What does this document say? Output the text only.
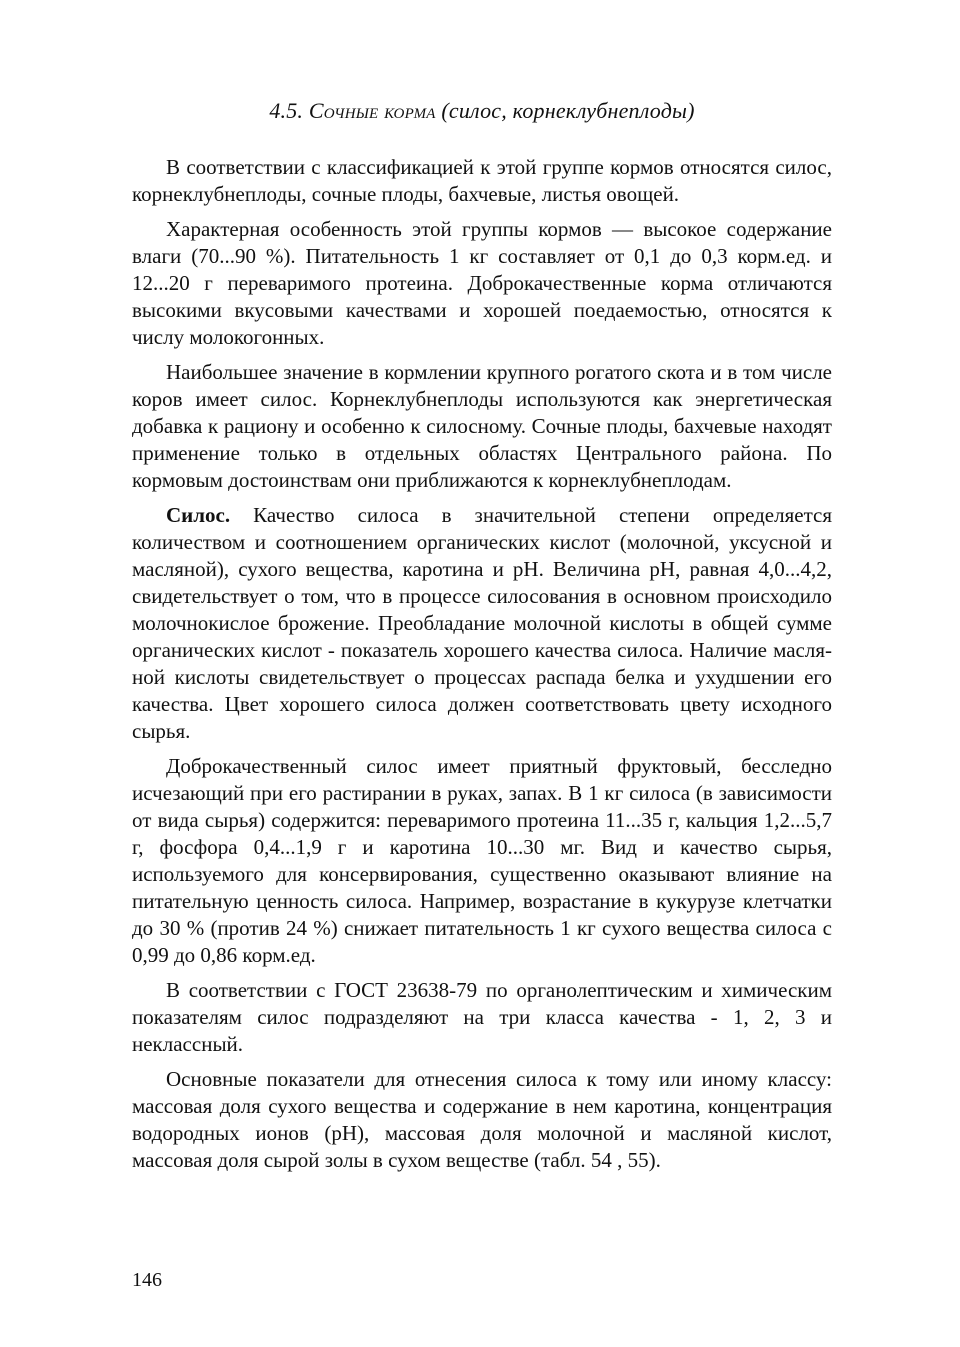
4.5. Сочные корма (силос, корнеклубнеплоды)

В соответствии с классификацией к этой группе кормов относятся силос, корнеклубнеплоды, сочные плоды, бахчевые, листья овощей.

Характерная особенность этой группы кормов — высокое содержание влаги (70...90 %). Питательность 1 кг составляет от 0,1 до 0,3 корм.ед. и 12...20 г переваримого протеина. Доброкачественные корма отличаются высокими вкусовыми качествами и хорошей поедаемостью, относятся к числу молокогонных.

Наибольшее значение в кормлении крупного рогатого скота и в том числе коров имеет силос. Корнеклубнеплоды используются как энергетическая добавка к рациону и особенно к силосному. Сочные плоды, бахчевые находят применение только в отдельных областях Центрального района. По кормовым достоинствам они приближаются к корнеклубнеплодам.

Силос. Качество силоса в значительной степени определяется количеством и соотношением органических кислот (молочной, уксусной и масляной), сухого вещества, каротина и pH. Величина pH, равная 4,0...4,2, свидетельствует о том, что в процессе силосования в основном происходило молочнокислое брожение. Преобладание молочной кислоты в общей сумме органических кислот - показатель хорошего качества силоса. Наличие масляной кислоты свидетельствует о процессах распада белка и ухудшении его качества. Цвет хорошего силоса должен соответствовать цвету исходного сырья.

Доброкачественный силос имеет приятный фруктовый, бесследно исчезающий при его растирании в руках, запах. В 1 кг силоса (в зависимости от вида сырья) содержится: переваримого протеина 11...35 г, кальция 1,2...5,7 г, фосфора 0,4...1,9 г и каротина 10...30 мг. Вид и качество сырья, используемого для консервирования, существенно оказывают влияние на питательную ценность силоса. Например, возрастание в кукурузе клетчатки до 30 % (против 24 %) снижает питательность 1 кг сухого вещества силоса с 0,99 до 0,86 корм.ед.

В соответствии с ГОСТ 23638-79 по органолептическим и химическим показателям силос подразделяют на три класса качества - 1, 2, 3 и неклассный.

Основные показатели для отнесения силоса к тому или иному классу: массовая доля сухого вещества и содержание в нем каротина, концентрация водородных ионов (pH), массовая доля молочной и масляной кислот, массовая доля сырой золы в сухом веществе (табл. 54 , 55).

146
